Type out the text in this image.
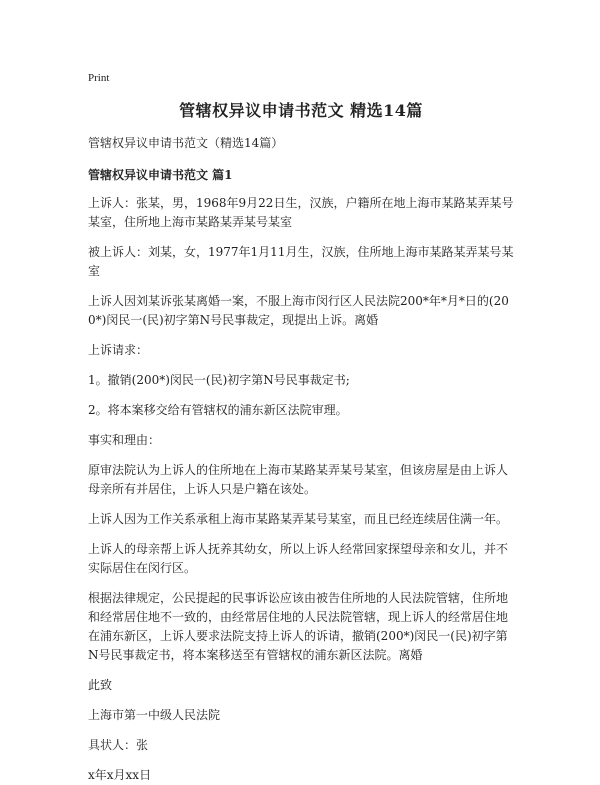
Print
管辖权异议申请书范文 精选14篇
管辖权异议申请书范文（精选14篇）
管辖权异议申请书范文 篇1

上诉人：张某，男，1968年9月22日生，汉族，户籍所在地上海市某路某弄某号某室，住所地上海市某路某弄某号某室

被上诉人：刘某，女，1977年1月11月生，汉族，住所地上海市某路某弄某号某室

上诉人因刘某诉张某离婚一案，不服上海市闵行区人民法院200*年*月*日的(200*)闵民一(民)初字第N号民事裁定，现提出上诉。离婚

上诉请求：

1。撤销(200*)闵民一(民)初字第N号民事裁定书;

2。将本案移交给有管辖权的浦东新区法院审理。

事实和理由：

原审法院认为上诉人的住所地在上海市某路某弄某号某室，但该房屋是由上诉人母亲所有并居住，上诉人只是户籍在该处。

上诉人因为工作关系承租上海市某路某弄某号某室，而且已经连续居住满一年。

上诉人的母亲帮上诉人抚养其幼女，所以上诉人经常回家探望母亲和女儿，并不实际居住在闵行区。

根据法律规定，公民提起的民事诉讼应该由被告住所地的人民法院管辖，住所地和经常居住地不一致的，由经常居住地的人民法院管辖，现上诉人的经常居住地在浦东新区，上诉人要求法院支持上诉人的诉请，撤销(200*)闵民一(民)初字第N号民事裁定书，将本案移送至有管辖权的浦东新区法院。离婚

此致

上海市第一中级人民法院

具状人：张

x年x月xx日
